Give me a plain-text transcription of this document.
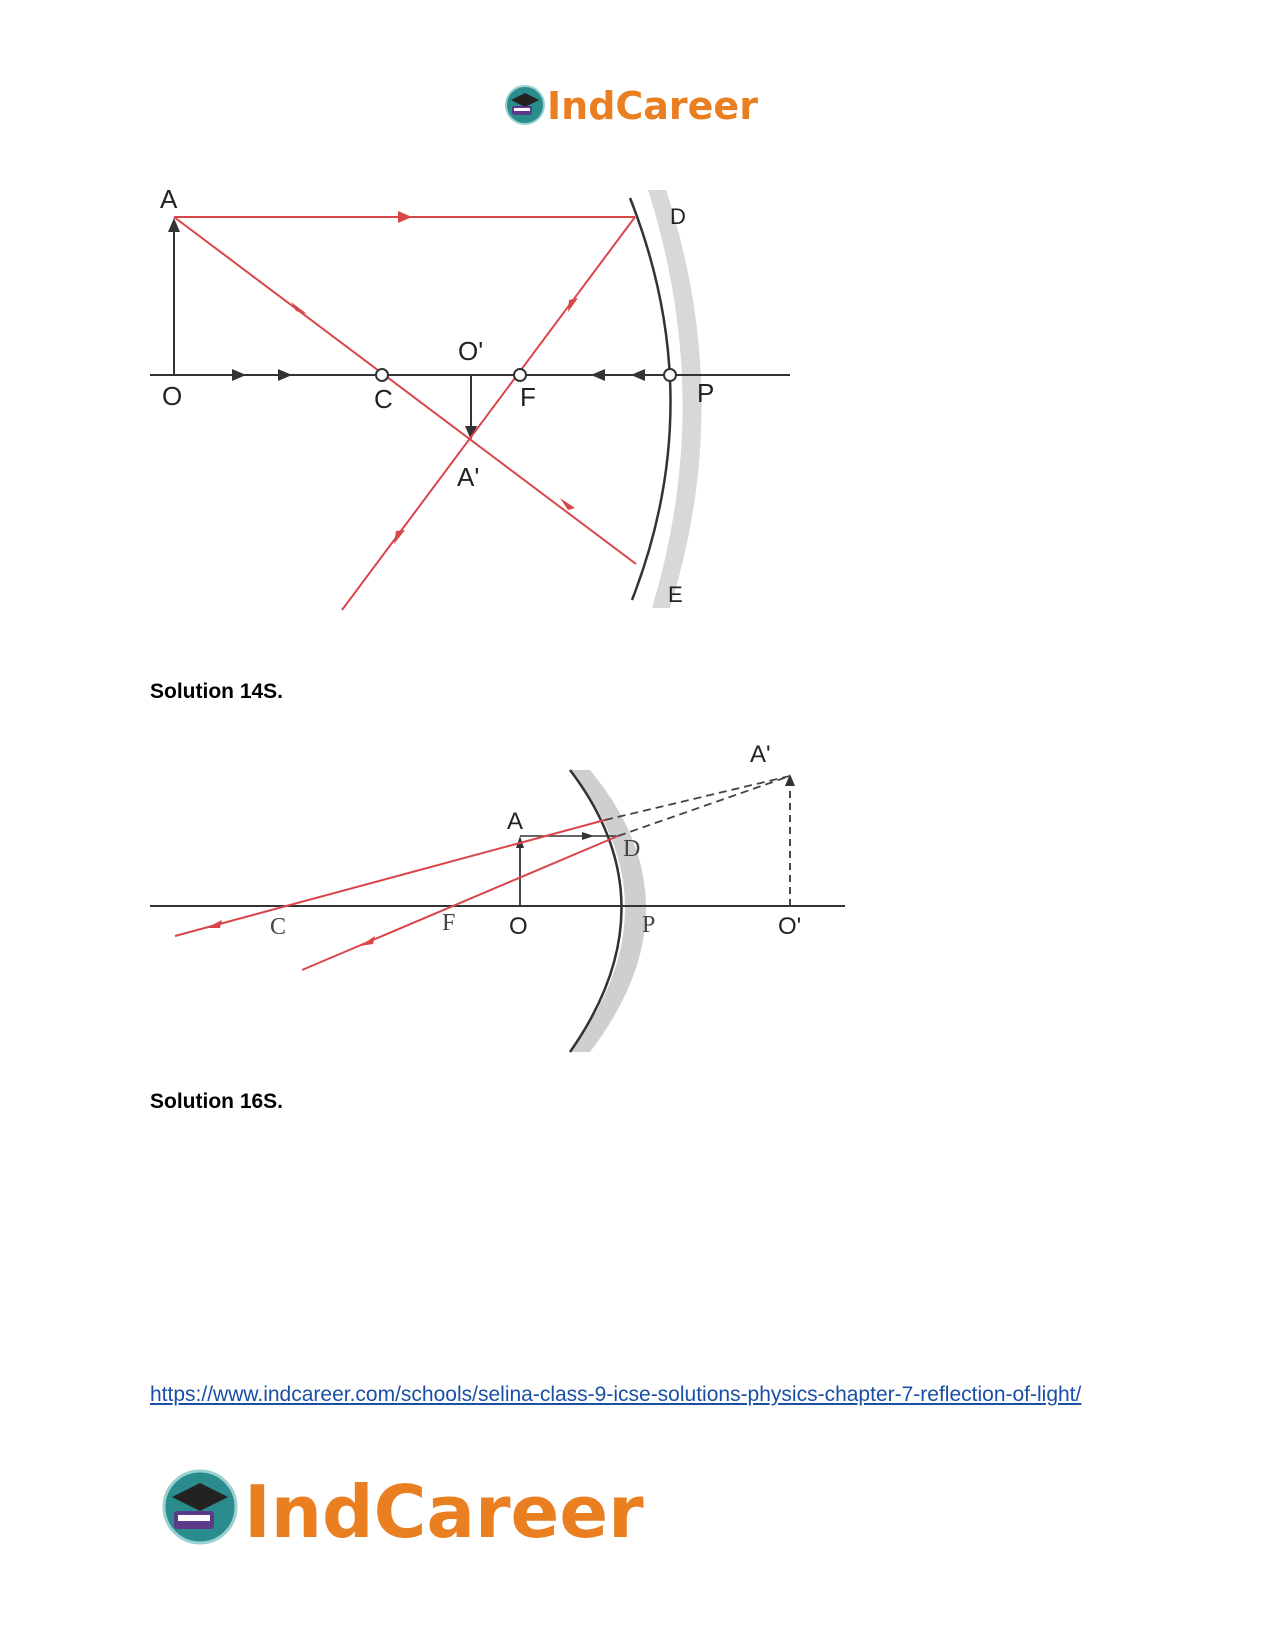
IndCareer
A
D
O'
O	C	F	P
A'
E
Solution 14S.
A'
A
D
C	F O	P	O'
Solution 16S.
https://www.indcareer.com/schools/selina-class-9-icse-solutions-physics-chapter-7-reflection-of-light/
IndCareer
